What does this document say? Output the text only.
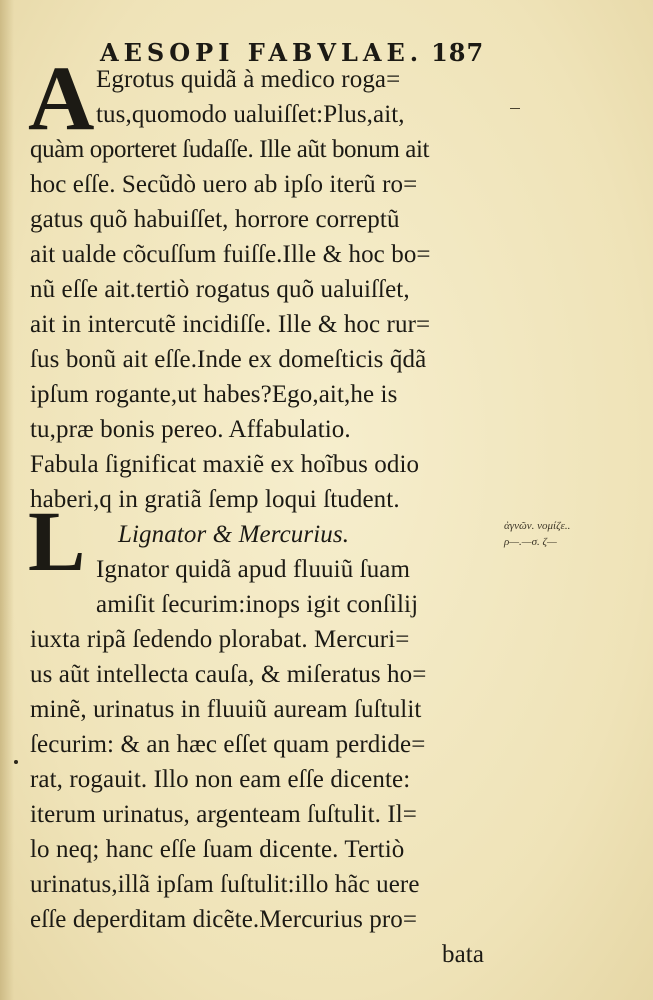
AESOPI FABVLAE. 187
A Egrotus quidã à medico roga=
tus,quomodo ualuiſſet:Plus,ait,
quàm oporteret ſudaſſe. Ille aũt bonum ait
hoc eſſe. Secũdò uero ab ipſo iterũ ro=
gatus quõ habuiſſet, horrore correptũ
ait ualde cõcuſſum fuiſſe.Ille & hoc bo=
nũ eſſe ait.tertiò rogatus quõ ualuiſſet,
ait in intercutẽ incidiſſe. Ille & hoc rur=
ſus bonũ ait eſſe.Inde ex domeſticis q̃dã
ipſum rogante,ut habes?Ego,ait,he is
tu,præ bonis pereo. Affabulatio.
Fabula ſignificat maxiẽ ex hoĩbus odio
haberi,q in gratiã ſemp loqui ſtudent.
Lignator & Mercurius.
L Ignator quidã apud fluuiũ ſuam
amiſit ſecurim:inops igit conſilij
iuxta ripã ſedendo plorabat. Mercuri=
us aũt intellecta cauſa, & miſeratus ho=
minẽ, urinatus in fluuiũ auream ſuſtulit
ſecurim: & an hæc eſſet quam perdide=
rat, rogauit. Illo non eam eſſe dicente:
iterum urinatus, argenteam ſuſtulit. Il=
lo neq; hanc eſſe ſuam dicente. Tertiò
urinatus,illã ipſam ſuſtulit:illo hãc uere
eſſe deperditam dicẽte.Mercurius pro=
bata
ἀγνῶν. νομίζε..
ρ—.—σ. ζ—
